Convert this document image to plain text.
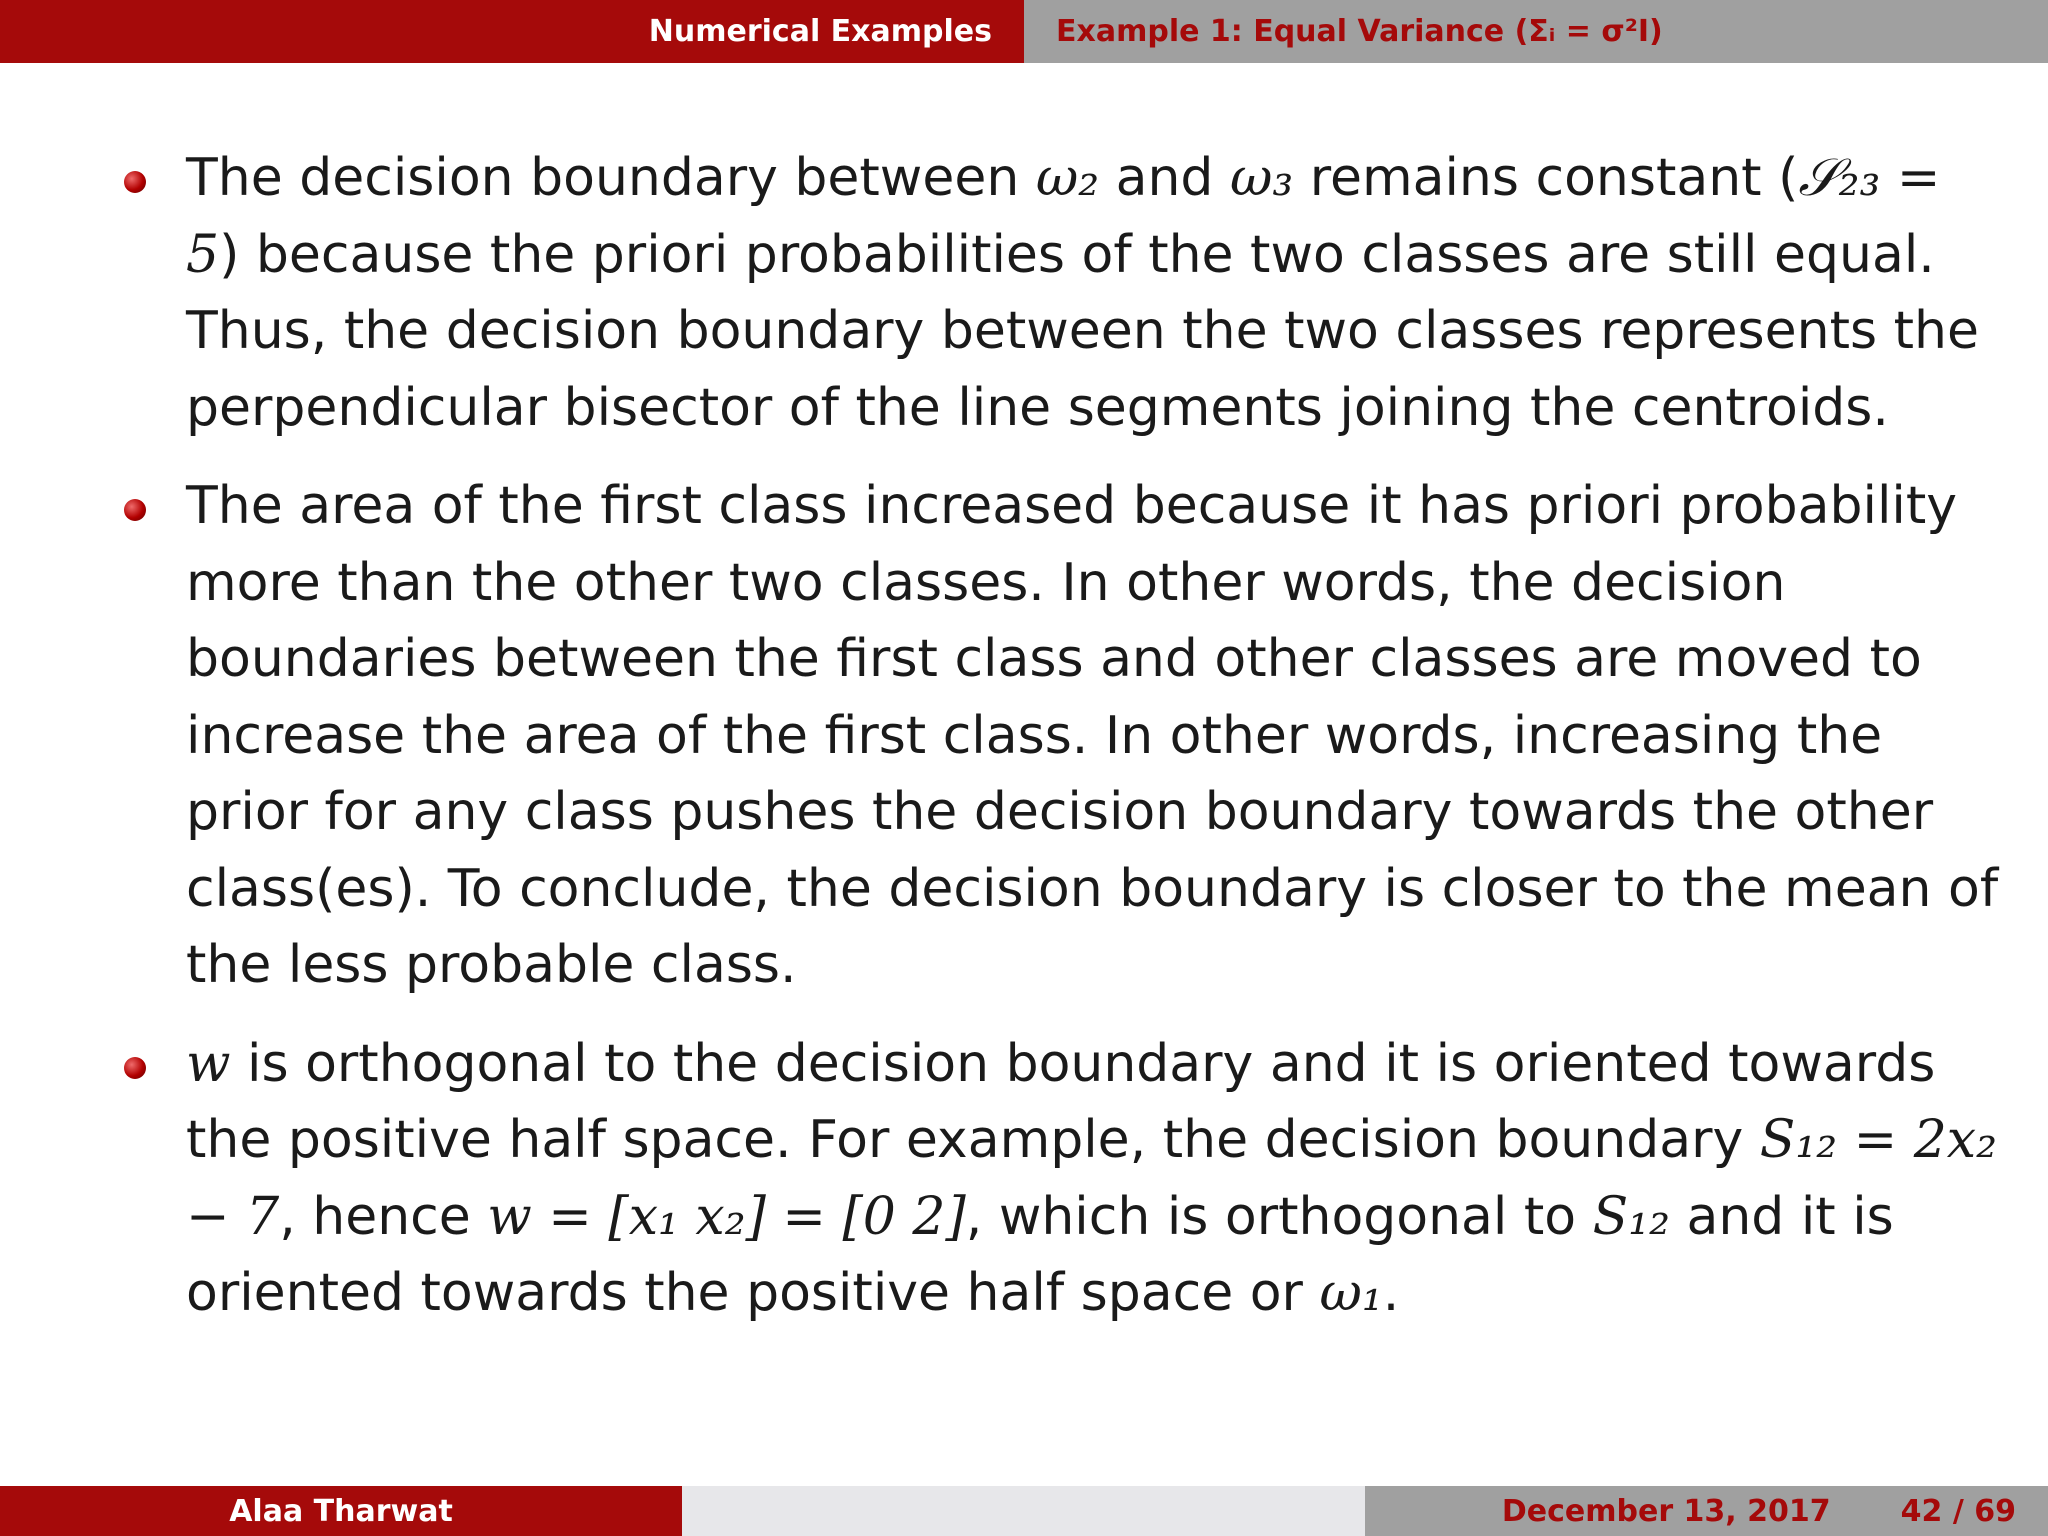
Numerical Examples	Example 1: Equal Variance (Σᵢ = σ²I)

The decision boundary between ω₂ and ω₃ remains constant (𝒮₂₃ = 5) because the priori probabilities of the two classes are still equal. Thus, the decision boundary between the two classes represents the perpendicular bisector of the line segments joining the centroids.

The area of the first class increased because it has priori probability more than the other two classes. In other words, the decision boundaries between the first class and other classes are moved to increase the area of the first class. In other words, increasing the prior for any class pushes the decision boundary towards the other class(es). To conclude, the decision boundary is closer to the mean of the less probable class.

w is orthogonal to the decision boundary and it is oriented towards the positive half space. For example, the decision boundary S₁₂ = 2x₂ − 7, hence w = [x₁ x₂] = [0 2], which is orthogonal to S₁₂ and it is oriented towards the positive half space or ω₁.

Alaa Tharwat	December 13, 2017 42 / 69
